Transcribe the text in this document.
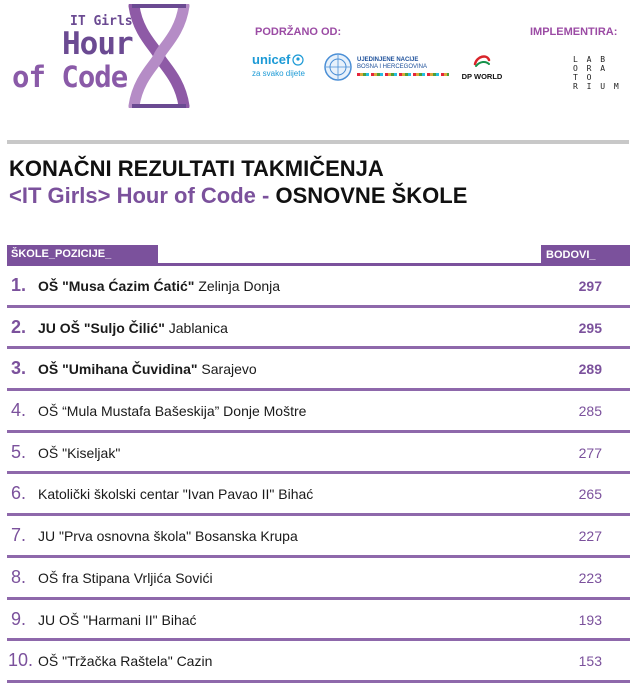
IT Girls
Hour
of Code
PODRŽANO OD:	IMPLEMENTIRA:
unicef
za svako dijete
UJEDINJENE NACIJE
BOSNA I HERCEGOVINA
DP WORLD
L A B
O R A
T O
R I U M
KONAČNI REZULTATI TAKMIČENJA
<IT Girls> Hour of Code - OSNOVNE ŠKOLE
ŠKOLE_POZICIJE_	BODOVI_
1. OŠ "Musa Ćazim Ćatić" Zelinja Donja	297
2. JU OŠ "Suljo Čilić" Jablanica	295
3. OŠ "Umihana Čuvidina" Sarajevo	289
4. OŠ “Mula Mustafa Bašeskija” Donje Moštre	285
5. OŠ "Kiseljak"	277
6. Katolički školski centar "Ivan Pavao II" Bihać	265
7. JU "Prva osnovna škola" Bosanska Krupa	227
8. OŠ fra Stipana Vrljića Sovići	223
9. JU OŠ "Harmani II" Bihać	193
10. OŠ "Tržačka Raštela" Cazin	153
